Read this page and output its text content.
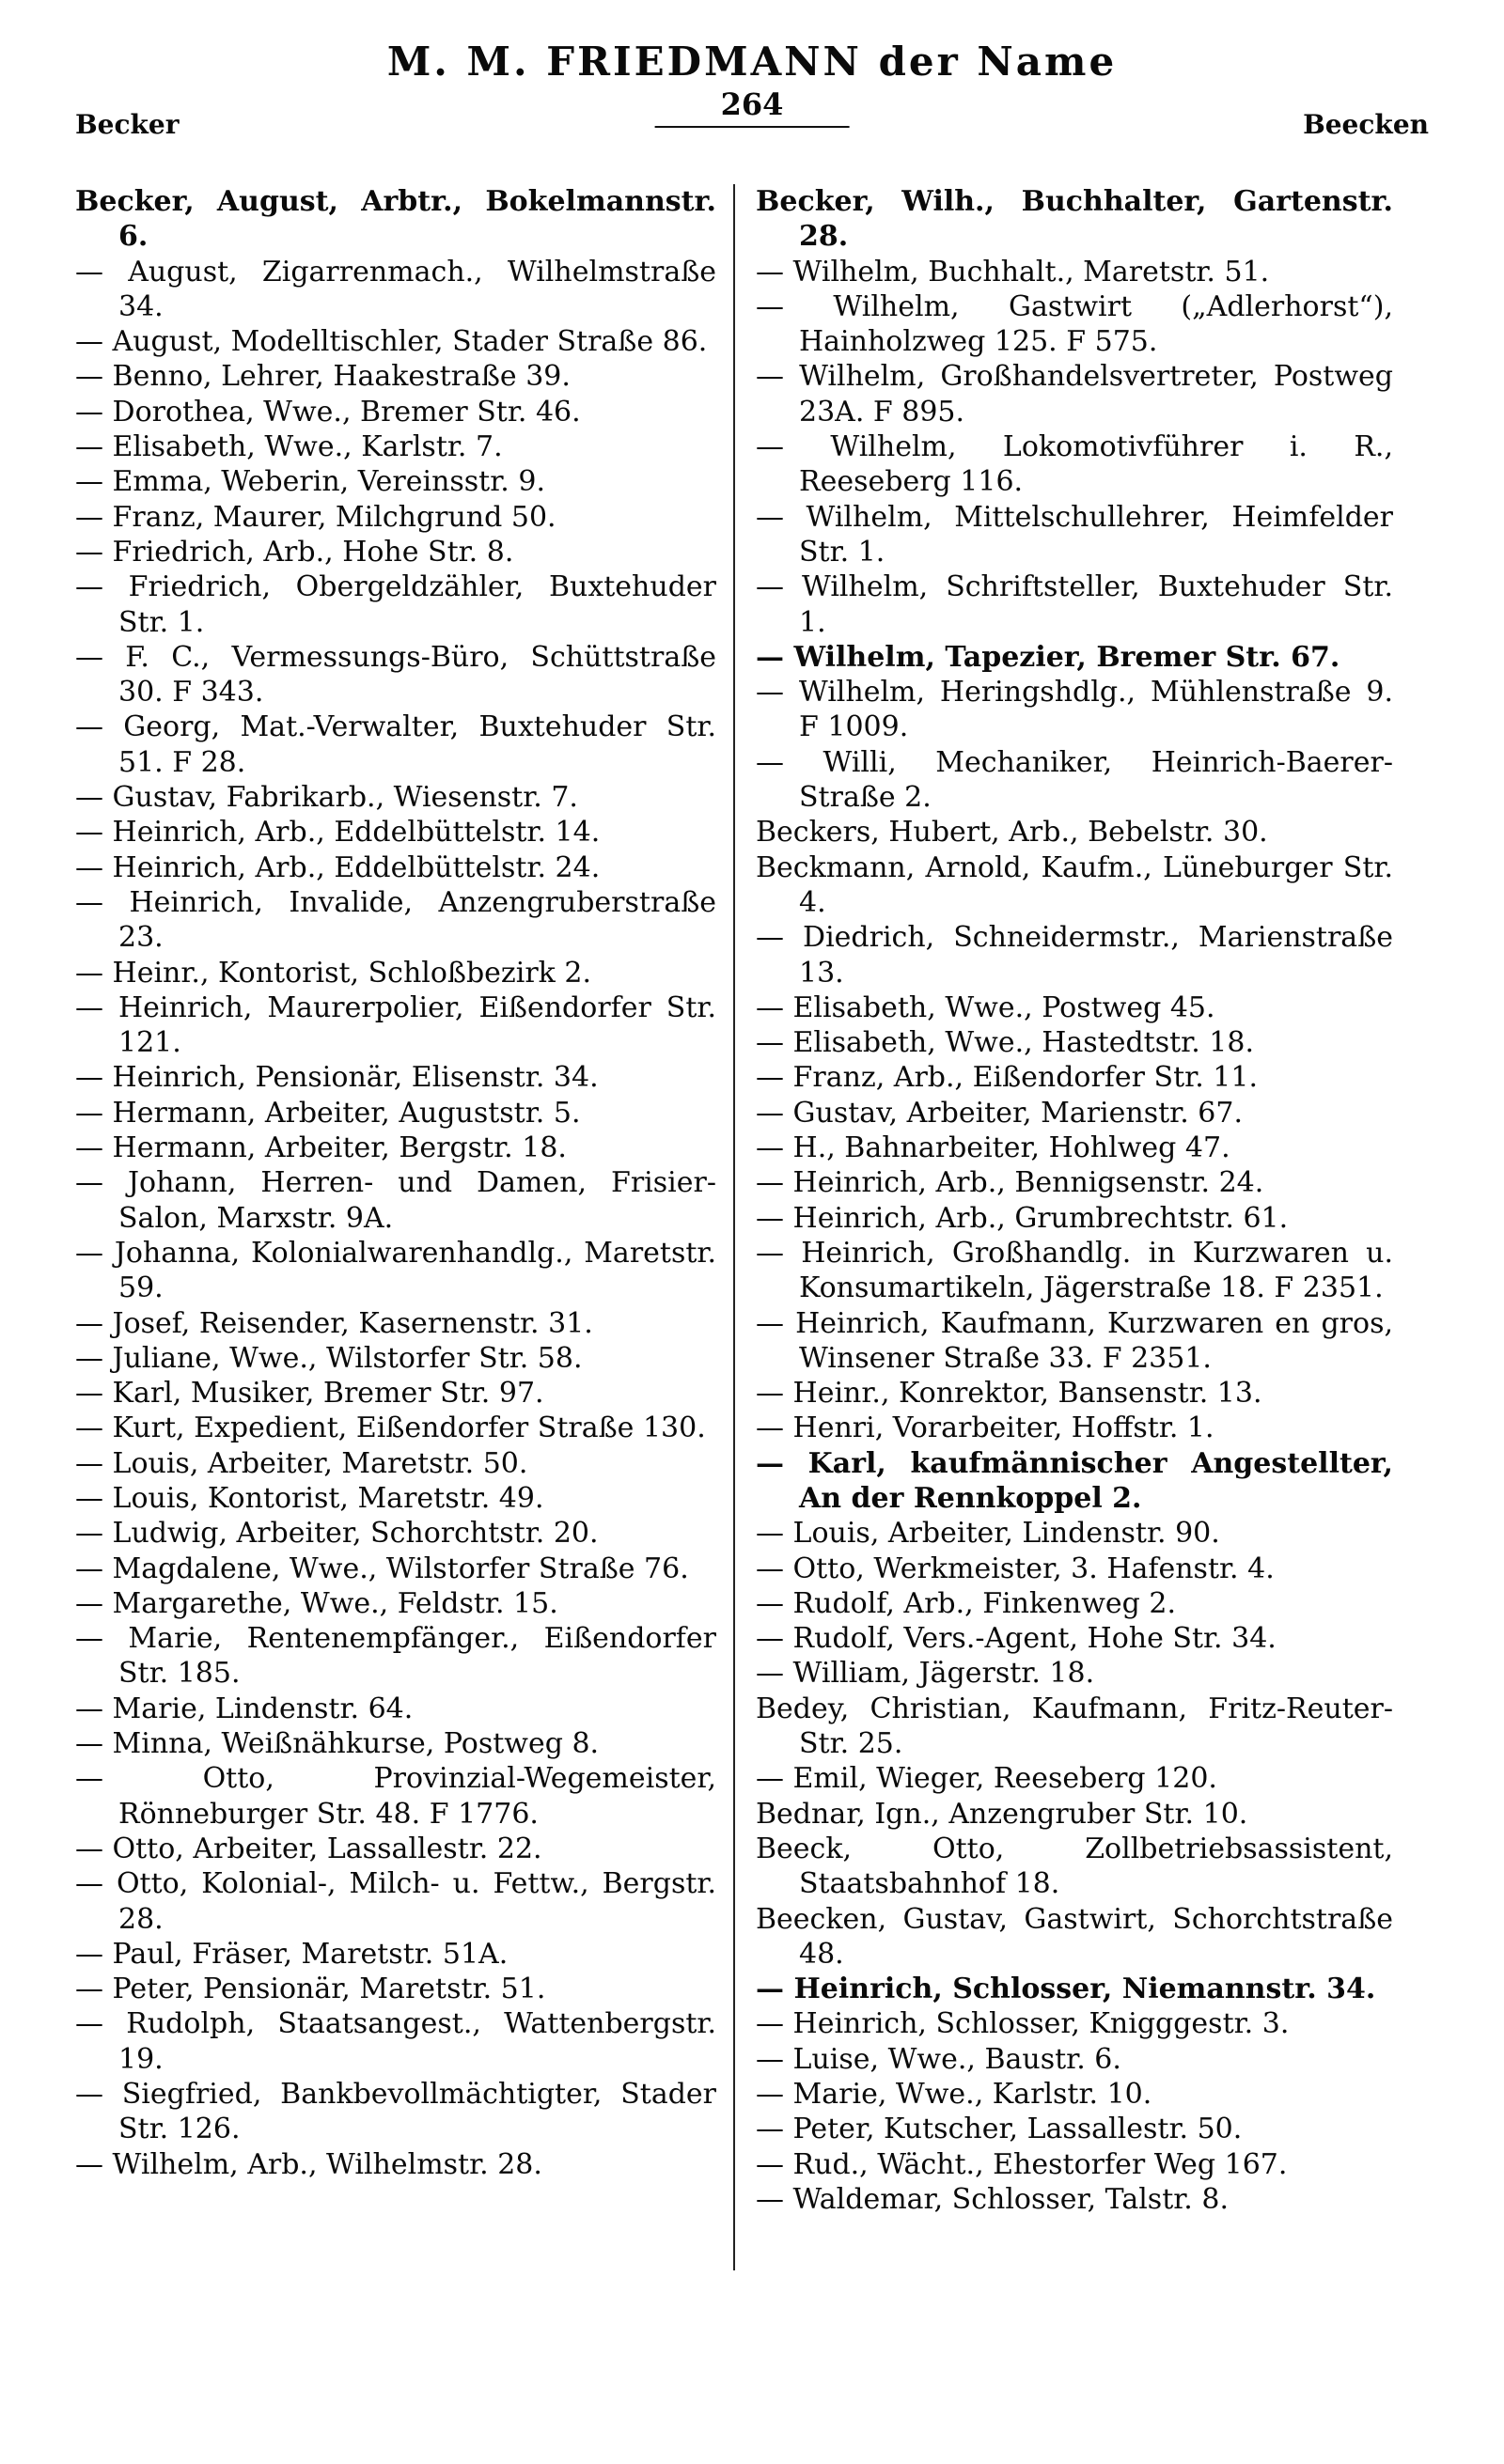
M. M. FRIEDMANN der Name
Becker
264
Beecken

Becker, August, Arbtr., Bokelmannstr. 6.

— August, Zigarrenmach., Wilhelmstraße 34.

— August, Modelltischler, Stader Straße 86.

— Benno, Lehrer, Haakestraße 39.

— Dorothea, Wwe., Bremer Str. 46.

— Elisabeth, Wwe., Karlstr. 7.

— Emma, Weberin, Vereinsstr. 9.

— Franz, Maurer, Milchgrund 50.

— Friedrich, Arb., Hohe Str. 8.

— Friedrich, Obergeldzähler, Buxtehuder Str. 1.

— F. C., Vermessungs-Büro, Schüttstraße 30. F 343.

— Georg, Mat.-Verwalter, Buxtehuder Str. 51. F 28.

— Gustav, Fabrikarb., Wiesenstr. 7.

— Heinrich, Arb., Eddelbüttelstr. 14.

— Heinrich, Arb., Eddelbüttelstr. 24.

— Heinrich, Invalide, Anzengruberstraße 23.

— Heinr., Kontorist, Schloßbezirk 2.

— Heinrich, Maurerpolier, Eißendorfer Str. 121.

— Heinrich, Pensionär, Elisenstr. 34.

— Hermann, Arbeiter, Auguststr. 5.

— Hermann, Arbeiter, Bergstr. 18.

— Johann, Herren- und Damen, Frisier-Salon, Marxstr. 9A.

— Johanna, Kolonialwarenhandlg., Maretstr. 59.

— Josef, Reisender, Kasernenstr. 31.

— Juliane, Wwe., Wilstorfer Str. 58.

— Karl, Musiker, Bremer Str. 97.

— Kurt, Expedient, Eißendorfer Straße 130.

— Louis, Arbeiter, Maretstr. 50.

— Louis, Kontorist, Maretstr. 49.

— Ludwig, Arbeiter, Schorchtstr. 20.

— Magdalene, Wwe., Wilstorfer Straße 76.

— Margarethe, Wwe., Feldstr. 15.

— Marie, Rentenempfänger., Eißendorfer Str. 185.

— Marie, Lindenstr. 64.

— Minna, Weißnähkurse, Postweg 8.

— Otto, Provinzial-Wegemeister, Rönneburger Str. 48. F 1776.

— Otto, Arbeiter, Lassallestr. 22.

— Otto, Kolonial-, Milch- u. Fettw., Bergstr. 28.

— Paul, Fräser, Maretstr. 51A.

— Peter, Pensionär, Maretstr. 51.

— Rudolph, Staatsangest., Wattenbergstr. 19.

— Siegfried, Bankbevollmächtigter, Stader Str. 126.

— Wilhelm, Arb., Wilhelmstr. 28.

Becker, Wilh., Buchhalter, Gartenstr. 28.

— Wilhelm, Buchhalt., Maretstr. 51.

— Wilhelm, Gastwirt („Adlerhorst“), Hainholzweg 125. F 575.

— Wilhelm, Großhandelsvertreter, Postweg 23A. F 895.

— Wilhelm, Lokomotivführer i. R., Reeseberg 116.

— Wilhelm, Mittelschullehrer, Heimfelder Str. 1.

— Wilhelm, Schriftsteller, Buxtehuder Str. 1.

— Wilhelm, Tapezier, Bremer Str. 67.

— Wilhelm, Heringshdlg., Mühlenstraße 9. F 1009.

— Willi, Mechaniker, Heinrich-Baerer-Straße 2.

Beckers, Hubert, Arb., Bebelstr. 30.

Beckmann, Arnold, Kaufm., Lüneburger Str. 4.

— Diedrich, Schneidermstr., Marienstraße 13.

— Elisabeth, Wwe., Postweg 45.

— Elisabeth, Wwe., Hastedtstr. 18.

— Franz, Arb., Eißendorfer Str. 11.

— Gustav, Arbeiter, Marienstr. 67.

— H., Bahnarbeiter, Hohlweg 47.

— Heinrich, Arb., Bennigsenstr. 24.

— Heinrich, Arb., Grumbrechtstr. 61.

— Heinrich, Großhandlg. in Kurzwaren u. Konsumartikeln, Jägerstraße 18. F 2351.

— Heinrich, Kaufmann, Kurzwaren en gros, Winsener Straße 33. F 2351.

— Heinr., Konrektor, Bansenstr. 13.

— Henri, Vorarbeiter, Hoffstr. 1.

— Karl, kaufmännischer Angestellter, An der Rennkoppel 2.

— Louis, Arbeiter, Lindenstr. 90.

— Otto, Werkmeister, 3. Hafenstr. 4.

— Rudolf, Arb., Finkenweg 2.

— Rudolf, Vers.-Agent, Hohe Str. 34.

— William, Jägerstr. 18.

Bedey, Christian, Kaufmann, Fritz-Reuter-Str. 25.

— Emil, Wieger, Reeseberg 120.

Bednar, Ign., Anzengruber Str. 10.

Beeck, Otto, Zollbetriebsassistent, Staatsbahnhof 18.

Beecken, Gustav, Gastwirt, Schorchtstraße 48.

— Heinrich, Schlosser, Niemannstr. 34.

— Heinrich, Schlosser, Knigggestr. 3.

— Luise, Wwe., Baustr. 6.

— Marie, Wwe., Karlstr. 10.

— Peter, Kutscher, Lassallestr. 50.

— Rud., Wächt., Ehestorfer Weg 167.

— Waldemar, Schlosser, Talstr. 8.
